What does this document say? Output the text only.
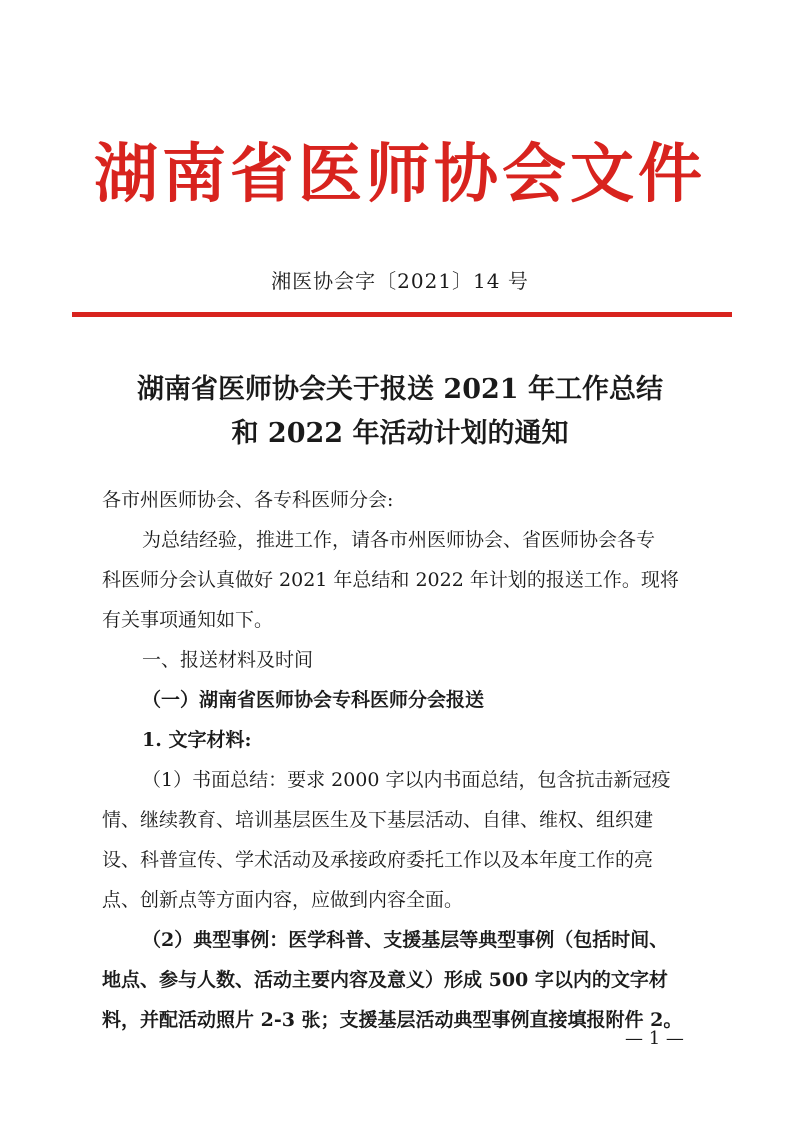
湖南省医师协会文件
湘医协会字〔2021〕14 号
湖南省医师协会关于报送 2021 年工作总结
和 2022 年活动计划的通知
各市州医师协会、各专科医师分会:
为总结经验，推进工作，请各市州医师协会、省医师协会各专
科医师分会认真做好 2021 年总结和 2022 年计划的报送工作。现将
有关事项通知如下。
一、报送材料及时间
（一）湖南省医师协会专科医师分会报送
1. 文字材料:
（1）书面总结：要求 2000 字以内书面总结，包含抗击新冠疫
情、继续教育、培训基层医生及下基层活动、自律、维权、组织建
设、科普宣传、学术活动及承接政府委托工作以及本年度工作的亮
点、创新点等方面内容，应做到内容全面。
（2）典型事例：医学科普、支援基层等典型事例（包括时间、
地点、参与人数、活动主要内容及意义）形成 500 字以内的文字材
料，并配活动照片 2-3 张；支援基层活动典型事例直接填报附件 2。
— 1 —
